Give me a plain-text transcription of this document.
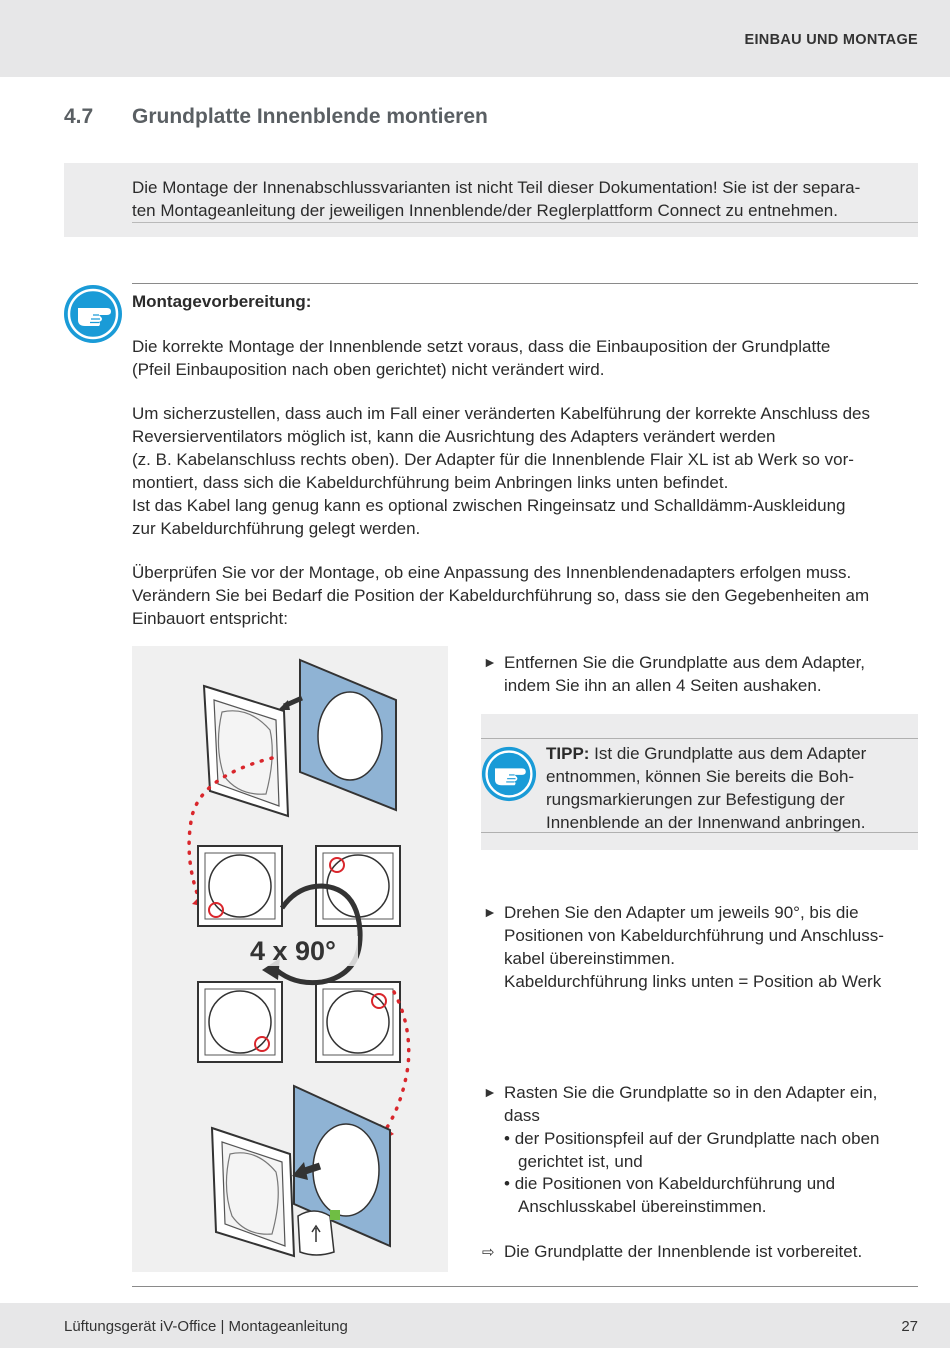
EINBAU UND MONTAGE
4.7 Grundplatte Innenblende montieren
Die Montage der Innenabschlussvarianten ist nicht Teil dieser Dokumentation! Sie ist der separa-
ten Montageanleitung der jeweiligen Innenblende/der Reglerplattform Connect zu entnehmen.
Montagevorbereitung:
Die korrekte Montage der Innenblende setzt voraus, dass die Einbauposition der Grundplatte
(Pfeil Einbauposition nach oben gerichtet) nicht verändert wird.
Um sicherzustellen, dass auch im Fall einer veränderten Kabelführung der korrekte Anschluss des
Reversierventilators möglich ist, kann die Ausrichtung des Adapters verändert werden
(z. B. Kabelanschluss rechts oben). Der Adapter für die Innenblende Flair XL ist ab Werk so vor-
montiert, dass sich die Kabeldurchführung beim Anbringen links unten befindet.
Ist das Kabel lang genug kann es optional zwischen Ringeinsatz und Schalldämm-Auskleidung
zur Kabeldurchführung gelegt werden.
Überprüfen Sie vor der Montage, ob eine Anpassung des Innenblendenadapters erfolgen muss.
Verändern Sie bei Bedarf die Position der Kabeldurchführung so, dass sie den Gegebenheiten am
Einbauort entspricht:
4 x 90°
► Entfernen Sie die Grundplatte aus dem Adapter,
indem Sie ihn an allen 4 Seiten aushaken.
TIPP: Ist die Grundplatte aus dem Adapter
entnommen, können Sie bereits die Boh-
rungsmarkierungen zur Befestigung der
Innenblende an der Innenwand anbringen.
► Drehen Sie den Adapter um jeweils 90°, bis die
Positionen von Kabeldurchführung und Anschluss-
kabel übereinstimmen.
Kabeldurchführung links unten = Position ab Werk
► Rasten Sie die Grundplatte so in den Adapter ein,
dass
• der Positionspfeil auf der Grundplatte nach oben
gerichtet ist, und
• die Positionen von Kabeldurchführung und
Anschlusskabel übereinstimmen.
⇨ Die Grundplatte der Innenblende ist vorbereitet.
Lüftungsgerät iV-Office | Montageanleitung	27
